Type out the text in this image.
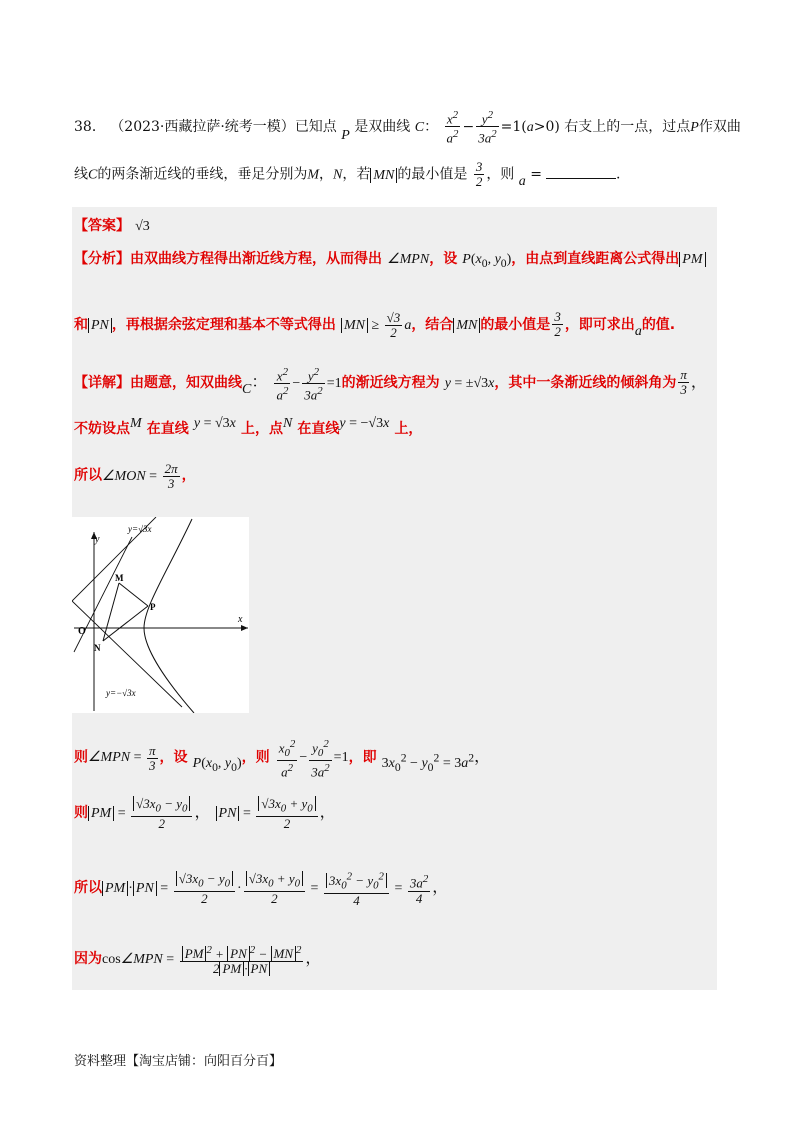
38． （2023·西藏拉萨·统考一模）已知点 P 是双曲线 C： $\frac{x^2}{a^2} - \frac{y^2}{3a^2} =1(a>0)$ 右支上的一点，过点P作双曲
线C的两条渐近线的垂线，垂足分别为M，N，若 MN 的最小值是 $\frac{3}{2}$ ，则 a =	.
【答案】 √3
【分析】由双曲线方程得出渐近线方程，从而得出 ∠MPN，设 $P(x_0$, $y_0$)，由点到直线距离公式得出 PM
和 PN ，再根据余弦定理和基本不等式得出 MN ≥ $\frac{√3}{2}$ a，结合 MN 的最小值是 $\frac{3}{2}$ ，即可求出a的值.
【详解】由题意，知双曲线C： $\frac{x^2}{a^2} - \frac{y^2}{3a^2} =1$的渐近线方程为 y = ±√3x，其中一条渐近线的倾斜角为 $\frac{\pi}{3}$ ，
不妨设点M 在直线 y = √3x 上，点N 在直线y = −√3x 上，
所以∠MON = $\frac{2\pi}{3}$ ，
y
x
O
M
N
P
y=√3x
y=−√3x
则∠MPN = $\frac{\pi}{3}$ ，设 $P(x_0$, $y_0$)，则 $\frac{x_0^2}{a^2} - \frac{y_0^2}{3a^2} =1$，即 $3x_0^2 - y_0^2 = 3a^2$，
则 PM = $\frac{√3x_0 - y_0}{2}$ ， PN = $\frac{√3x_0 + y_0}{2}$ ，
所以 PM · PN = $\frac{√3x_0 - y_0}{2} \cdot \frac{√3x_0 + y_0}{2} = \frac{3x_0^2 - y_0^2}{4} = \frac{3a^2}{4}$ ，
因为cos∠MPN = $\frac{PM ^2 + PN ^2 - MN ^2}{2 PM \cdot PN}$ ，
资料整理【淘宝店铺：向阳百分百】
